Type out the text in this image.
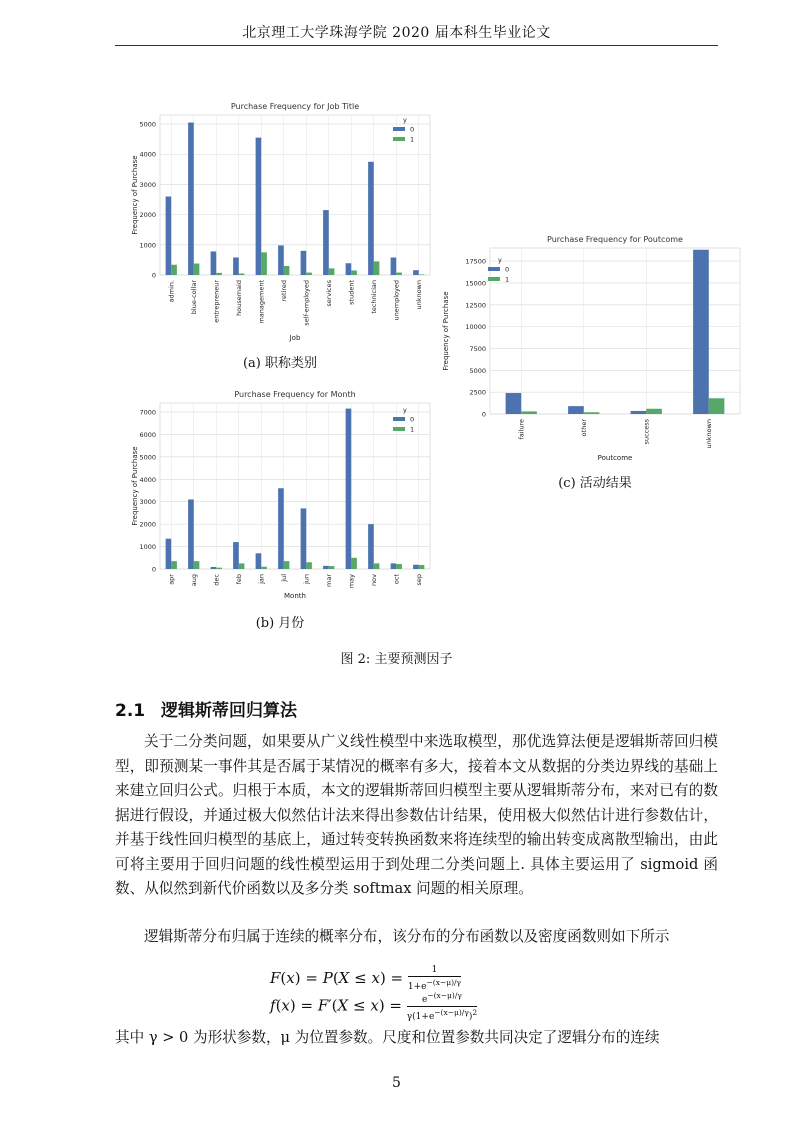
北京理工大学珠海学院 2020 届本科生毕业论文
0
1000
2000
3000
4000
5000
admin. blue-collar entrepreneur housemaid management retired self-employed services student technician unemployed unknown
Purchase Frequency for Job Title
Job
Frequency of Purchase
y
0
1
0
1000
2000
3000
4000
5000
6000
7000
apr aug dec feb jan jul jun mar may nov oct sep
Purchase Frequency for Month
Month
Frequency of Purchase
y
0
1
0
2500
5000
7500
10000
12500
15000
17500
failure	other	success	unknown
Purchase Frequency for Poutcome
Poutcome
Frequency of Purchase
y
0
1
(a) 职称类别
(b) 月份
(c) 活动结果
图 2: 主要预测因子
2.1 逻辑斯蒂回归算法

关于二分类问题，如果要从广义线性模型中来选取模型，那优选算法便是逻辑斯蒂回归模型，即预测某一事件其是否属于某情况的概率有多大，接着本文从数据的分类边界线的基础上来建立回归公式。归根于本质，本文的逻辑斯蒂回归模型主要从逻辑斯蒂分布，来对已有的数据进行假设，并通过极大似然估计法来得出参数估计结果，使用极大似然估计进行参数估计，并基于线性回归模型的基底上，通过转变转换函数来将连续型的输出转变成离散型输出，由此可将主要用于回归问题的线性模型运用于到处理二分类问题上. 具体主要运用了 sigmoid 函数、从似然到新代价函数以及多分类 softmax 问题的相关原理。

逻辑斯蒂分布归属于连续的概率分布，该分布的分布函数以及密度函数则如下所示

$F(x) = P(X \le x) = \frac{1}{1+e^{-(x-\mu)/\gamma}}$
$f(x) = F'(X \le x) = \frac{e^{-(x-\mu)/\gamma}}{\gamma(1+e^{-(x-\mu)/\gamma})^2}$
其中 γ > 0 为形状参数，μ 为位置参数。尺度和位置参数共同决定了逻辑分布的连续
5
